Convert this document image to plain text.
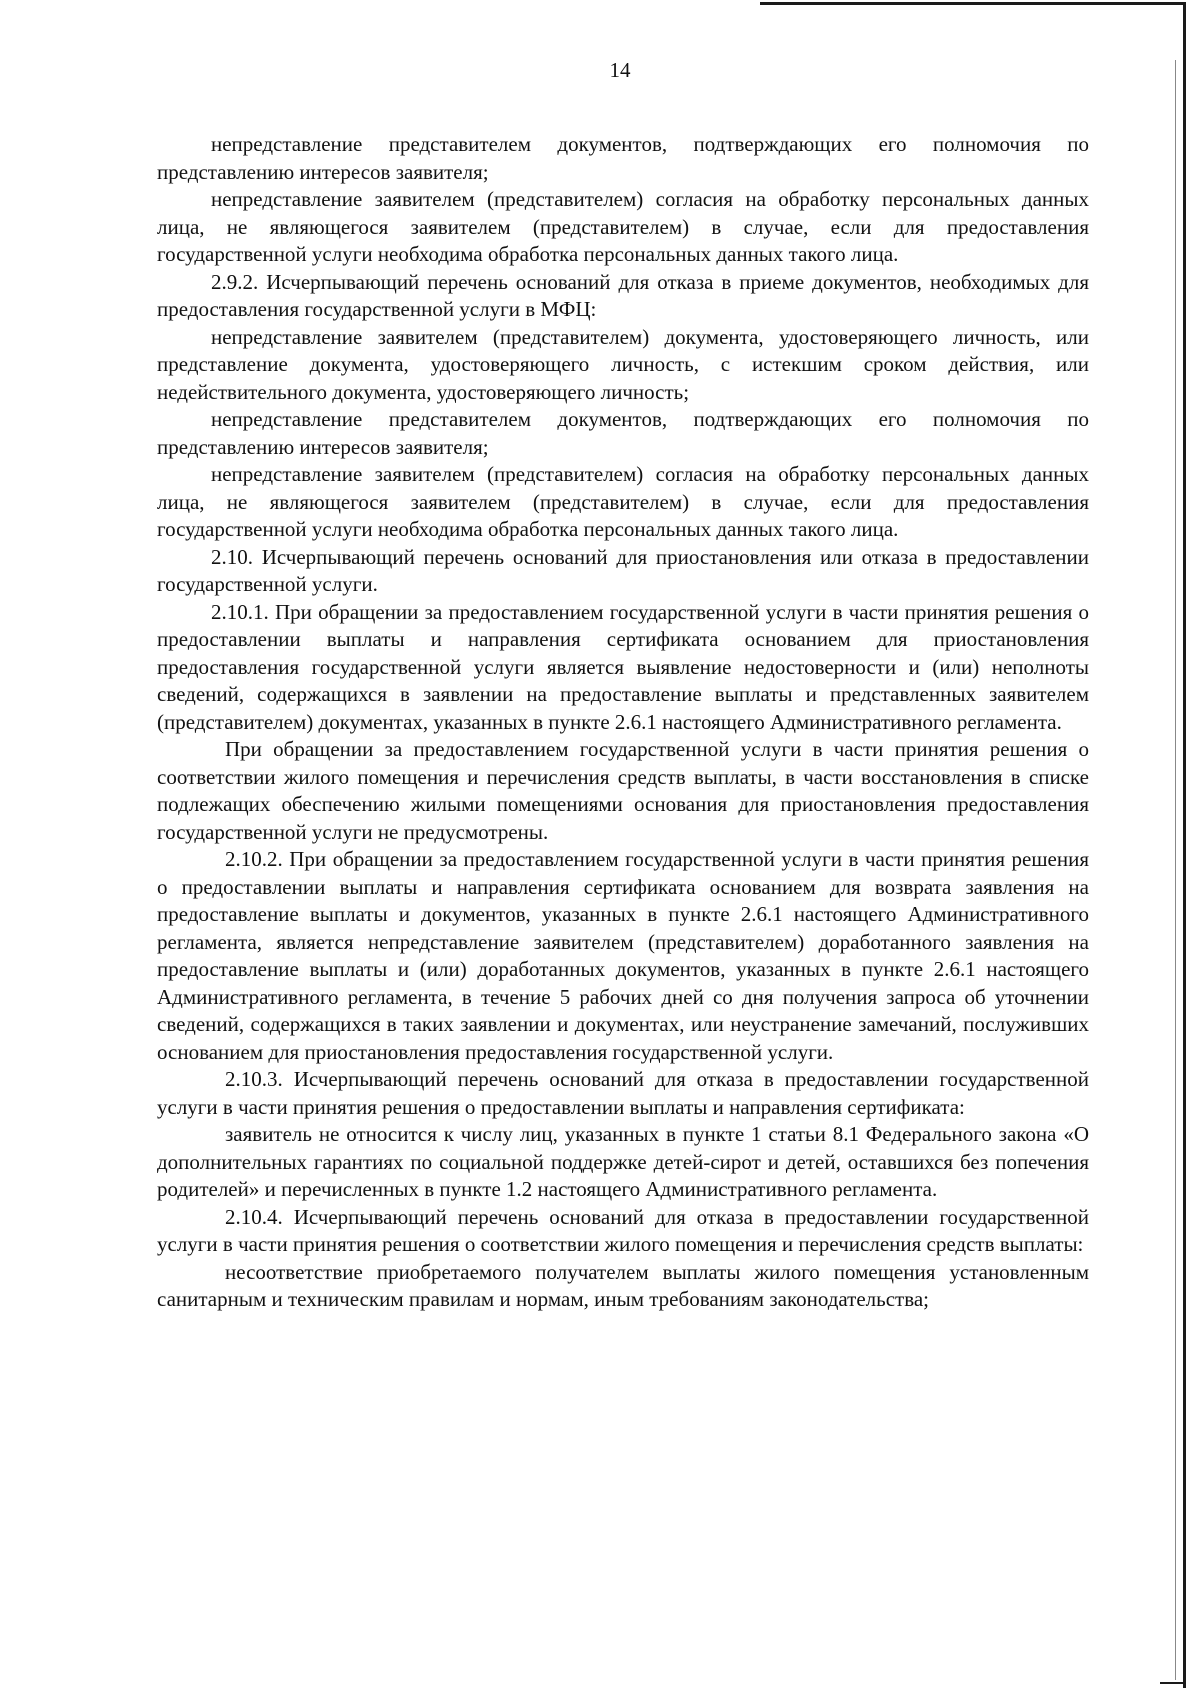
14

непредставление представителем документов, подтверждающих его полномочия по представлению интересов заявителя;

непредставление заявителем (представителем) согласия на обработку персональных данных лица, не являющегося заявителем (представителем) в случае, если для предоставления государственной услуги необходима обработка персональных данных такого лица.

2.9.2. Исчерпывающий перечень оснований для отказа в приеме документов, необходимых для предоставления государственной услуги в МФЦ:

непредставление заявителем (представителем) документа, удостоверяющего личность, или представление документа, удостоверяющего личность, с истекшим сроком действия, или недействительного документа, удостоверяющего личность;

непредставление представителем документов, подтверждающих его полномочия по представлению интересов заявителя;

непредставление заявителем (представителем) согласия на обработку персональных данных лица, не являющегося заявителем (представителем) в случае, если для предоставления государственной услуги необходима обработка персональных данных такого лица.

2.10. Исчерпывающий перечень оснований для приостановления или отказа в предоставлении государственной услуги.

2.10.1. При обращении за предоставлением государственной услуги в части принятия решения о предоставлении выплаты и направления сертификата основанием для приостановления предоставления государственной услуги является выявление недостоверности и (или) неполноты сведений, содержащихся в заявлении на предоставление выплаты и представленных заявителем (представителем) документах, указанных в пункте 2.6.1 настоящего Административного регламента.

При обращении за предоставлением государственной услуги в части принятия решения о соответствии жилого помещения и перечисления средств выплаты, в части восстановления в списке подлежащих обеспечению жилыми помещениями основания для приостановления предоставления государственной услуги не предусмотрены.

2.10.2. При обращении за предоставлением государственной услуги в части принятия решения о предоставлении выплаты и направления сертификата основанием для возврата заявления на предоставление выплаты и документов, указанных в пункте 2.6.1 настоящего Административного регламента, является непредставление заявителем (представителем) доработанного заявления на предоставление выплаты и (или) доработанных документов, указанных в пункте 2.6.1 настоящего Административного регламента, в течение 5 рабочих дней со дня получения запроса об уточнении сведений, содержащихся в таких заявлении и документах, или неустранение замечаний, послуживших основанием для приостановления предоставления государственной услуги.

2.10.3. Исчерпывающий перечень оснований для отказа в предоставлении государственной услуги в части принятия решения о предоставлении выплаты и направления сертификата:

заявитель не относится к числу лиц, указанных в пункте 1 статьи 8.1 Федерального закона «О дополнительных гарантиях по социальной поддержке детей-сирот и детей, оставшихся без попечения родителей» и перечисленных в пункте 1.2 настоящего Административного регламента.

2.10.4. Исчерпывающий перечень оснований для отказа в предоставлении государственной услуги в части принятия решения о соответствии жилого помещения и перечисления средств выплаты:

несоответствие приобретаемого получателем выплаты жилого помещения установленным санитарным и техническим правилам и нормам, иным требованиям законодательства;
